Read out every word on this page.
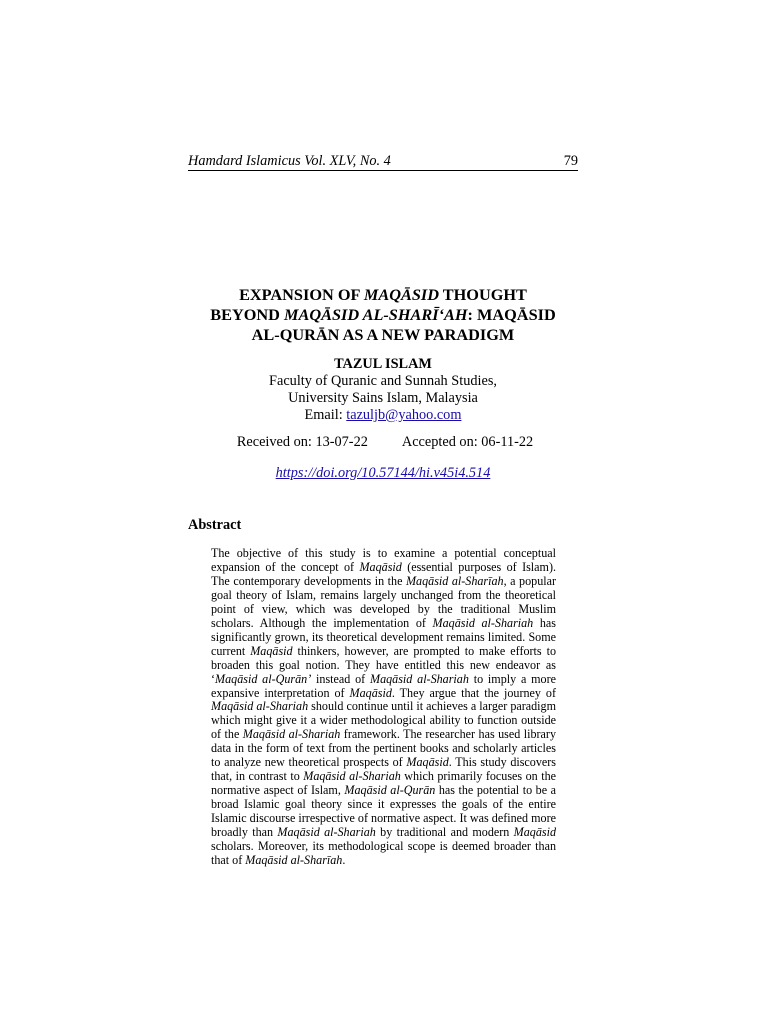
Hamdard Islamicus Vol. XLV, No. 4	79
EXPANSION OF MAQĀSID THOUGHT
BEYOND MAQĀSID AL-SHARĪ‘AH: MAQĀSID
AL-QURĀN AS A NEW PARADIGM
TAZUL ISLAM
Faculty of Quranic and Sunnah Studies,
University Sains Islam, Malaysia
Email: tazuljb@yahoo.com
Received on: 13-07-22 Accepted on: 06-11-22
https://doi.org/10.57144/hi.v45i4.514
Abstract
The objective of this study is to examine a potential conceptual expansion of the concept of Maqāsid (essential purposes of Islam). The contemporary developments in the Maqāsid al-Sharīah, a popular goal theory of Islam, remains largely unchanged from the theoretical point of view, which was developed by the traditional Muslim scholars. Although the implementation of Maqāsid al-Shariah has significantly grown, its theoretical development remains limited. Some current Maqāsid thinkers, however, are prompted to make efforts to broaden this goal notion. They have entitled this new endeavor as ‘Maqāsid al-Qurān’ instead of Maqāsid al-Shariah to imply a more expansive interpretation of Maqāsid. They argue that the journey of Maqāsid al-Shariah should continue until it achieves a larger paradigm which might give it a wider methodological ability to function outside of the Maqāsid al-Shariah framework. The researcher has used library data in the form of text from the pertinent books and scholarly articles to analyze new theoretical prospects of Maqāsid. This study discovers that, in contrast to Maqāsid al-Shariah which primarily focuses on the normative aspect of Islam, Maqāsid al-Qurān has the potential to be a broad Islamic goal theory since it expresses the goals of the entire Islamic discourse irrespective of normative aspect. It was defined more broadly than Maqāsid al-Shariah by traditional and modern Maqāsid scholars. Moreover, its methodological scope is deemed broader than that of Maqāsid al-Sharīah.
